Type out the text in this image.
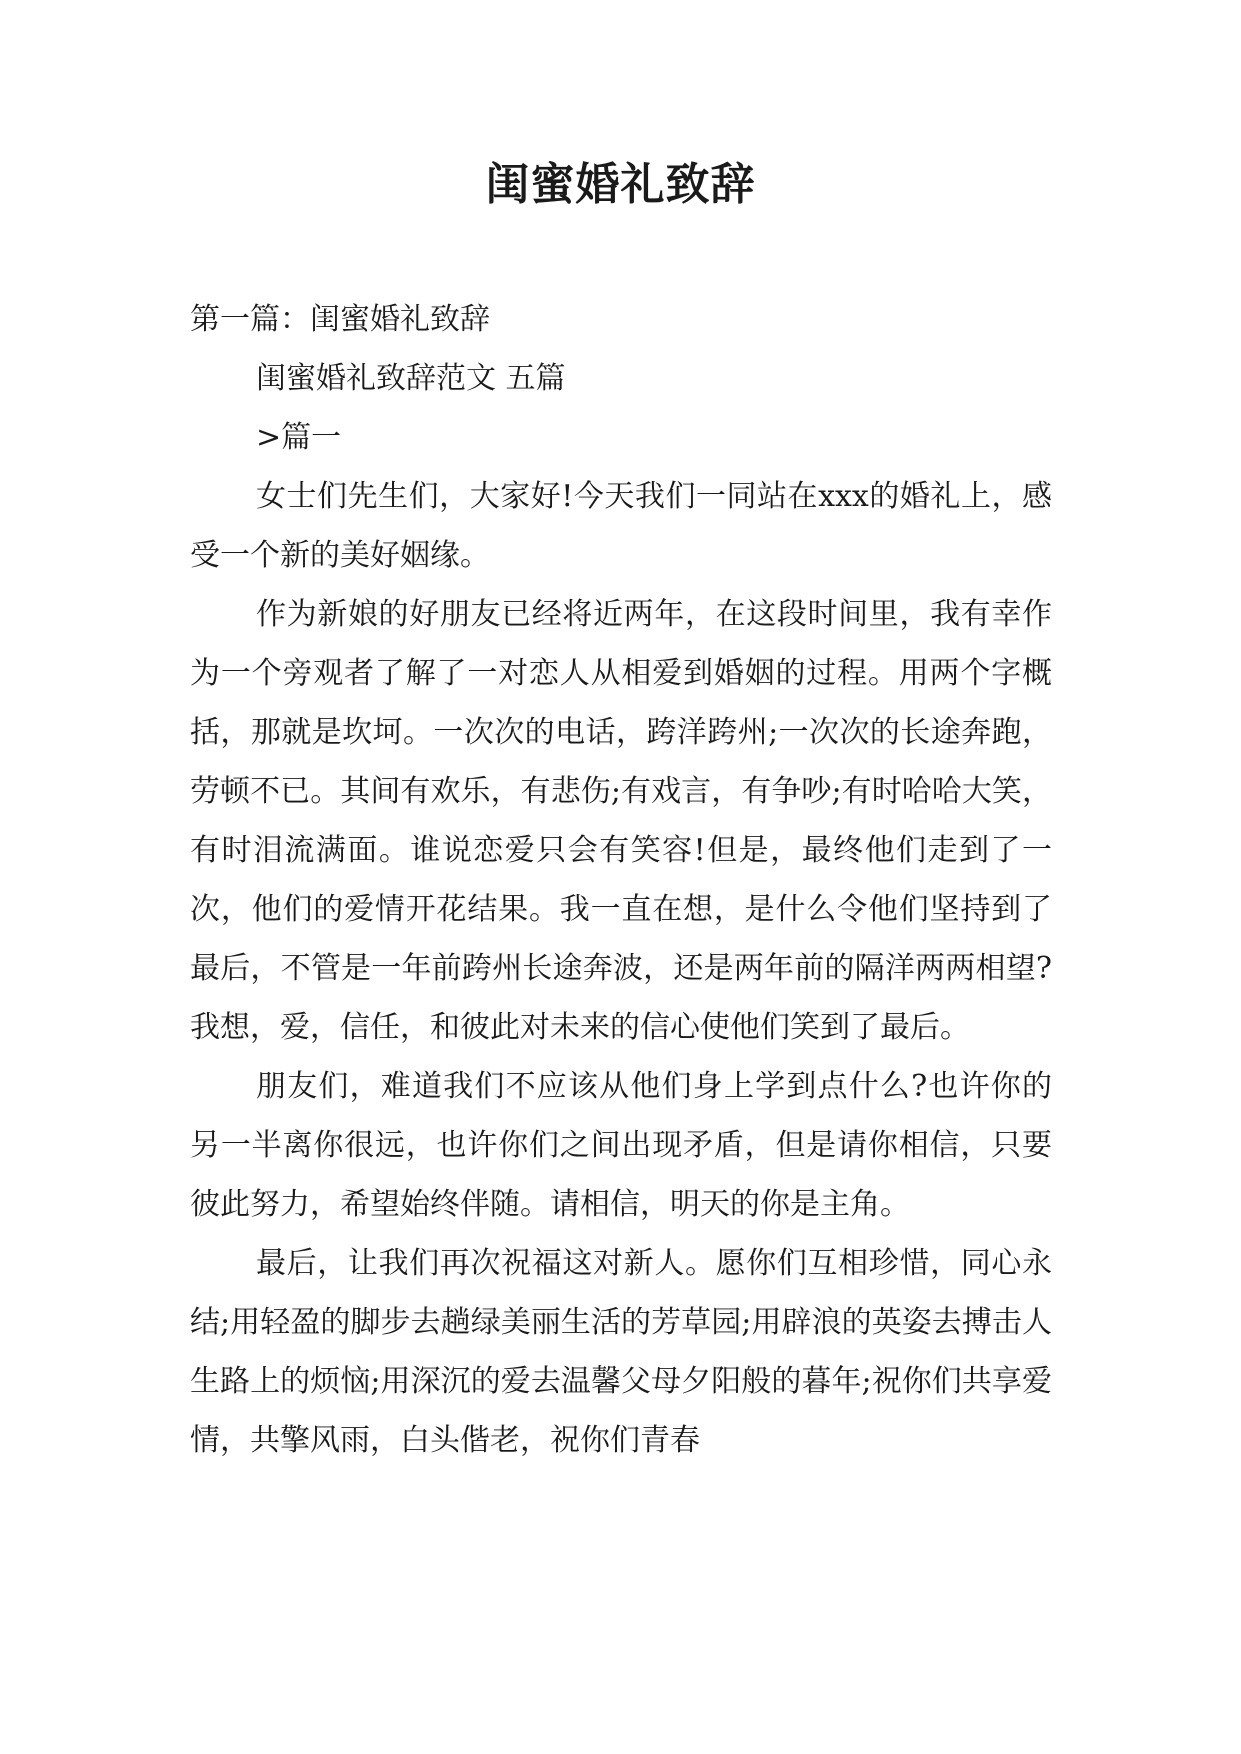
闺蜜婚礼致辞

第一篇：闺蜜婚礼致辞

闺蜜婚礼致辞范文 五篇

>篇一

女士们先生们，大家好!今天我们一同站在xxx的婚礼上，感受一个新的美好姻缘。

作为新娘的好朋友已经将近两年，在这段时间里，我有幸作为一个旁观者了解了一对恋人从相爱到婚姻的过程。用两个字概括，那就是坎坷。一次次的电话，跨洋跨州;一次次的长途奔跑，劳顿不已。其间有欢乐，有悲伤;有戏言，有争吵;有时哈哈大笑，有时泪流满面。谁说恋爱只会有笑容!但是，最终他们走到了一次，他们的爱情开花结果。我一直在想，是什么令他们坚持到了最后，不管是一年前跨州长途奔波，还是两年前的隔洋两两相望?我想，爱，信任，和彼此对未来的信心使他们笑到了最后。

朋友们，难道我们不应该从他们身上学到点什么?也许你的另一半离你很远，也许你们之间出现矛盾，但是请你相信，只要彼此努力，希望始终伴随。请相信，明天的你是主角。

最后，让我们再次祝福这对新人。愿你们互相珍惜，同心永结;用轻盈的脚步去趟绿美丽生活的芳草园;用辟浪的英姿去搏击人生路上的烦恼;用深沉的爱去温馨父母夕阳般的暮年;祝你们共享爱情，共擎风雨，白头偕老，祝你们青春
